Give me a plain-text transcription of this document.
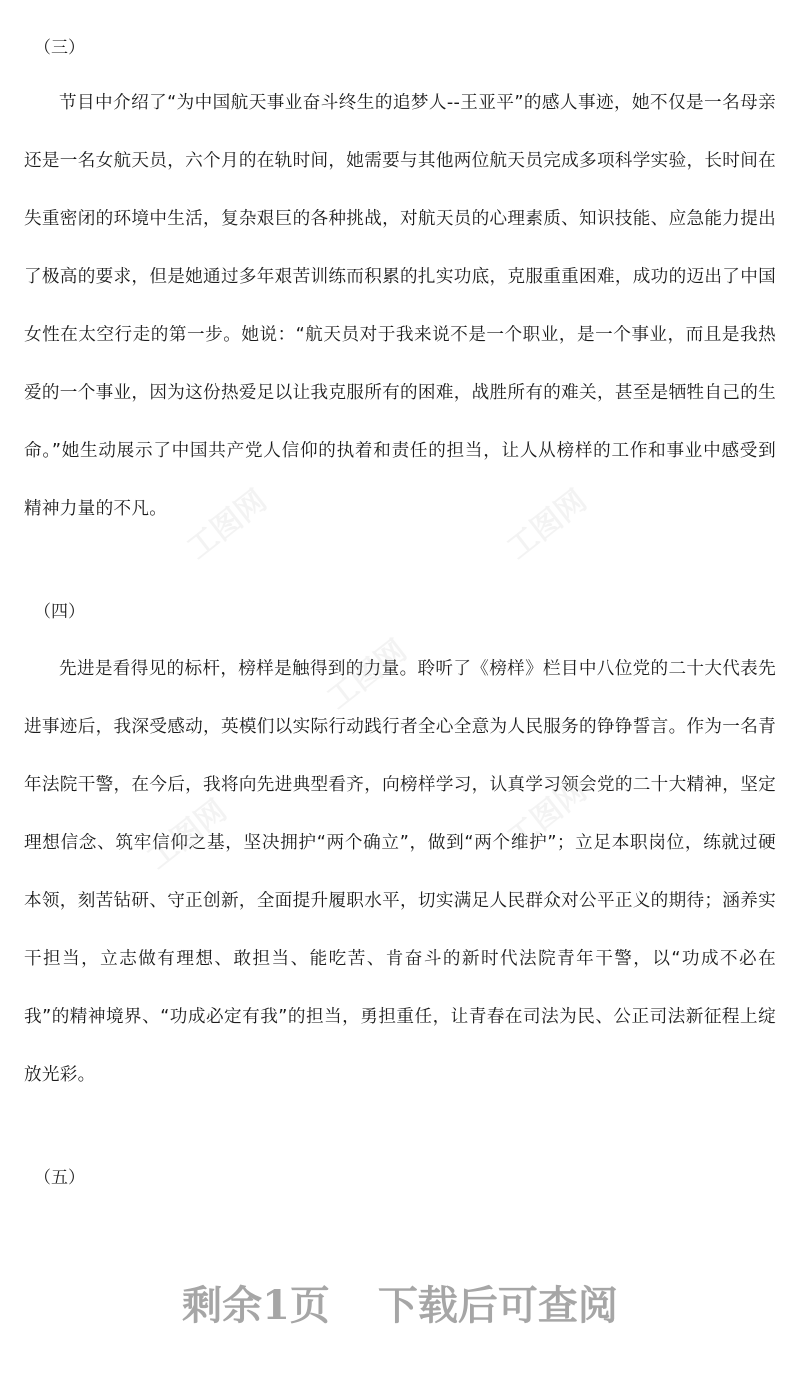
（三）

节目中介绍了“为中国航天事业奋斗终生的追梦人--王亚平”的感人事迹，她不仅是一名母亲还是一名女航天员，六个月的在轨时间，她需要与其他两位航天员完成多项科学实验，长时间在失重密闭的环境中生活，复杂艰巨的各种挑战，对航天员的心理素质、知识技能、应急能力提出了极高的要求，但是她通过多年艰苦训练而积累的扎实功底，克服重重困难，成功的迈出了中国女性在太空行走的第一步。她说：“航天员对于我来说不是一个职业，是一个事业，而且是我热爱的一个事业，因为这份热爱足以让我克服所有的困难，战胜所有的难关，甚至是牺牲自己的生命。”她生动展示了中国共产党人信仰的执着和责任的担当，让人从榜样的工作和事业中感受到精神力量的不凡。

（四）

先进是看得见的标杆，榜样是触得到的力量。聆听了《榜样》栏目中八位党的二十大代表先进事迹后，我深受感动，英模们以实际行动践行者全心全意为人民服务的铮铮誓言。作为一名青年法院干警，在今后，我将向先进典型看齐，向榜样学习，认真学习领会党的二十大精神，坚定理想信念、筑牢信仰之基，坚决拥护“两个确立”，做到“两个维护”；立足本职岗位，练就过硬本领，刻苦钻研、守正创新，全面提升履职水平，切实满足人民群众对公平正义的期待；涵养实干担当，立志做有理想、敢担当、能吃苦、肯奋斗的新时代法院青年干警，以“功成不必在我”的精神境界、“功成必定有我”的担当，勇担重任，让青春在司法为民、公正司法新征程上绽放光彩。

（五）
工图网
工图网
工图网
工图网	工图网
剩余1页 下载后可查阅
